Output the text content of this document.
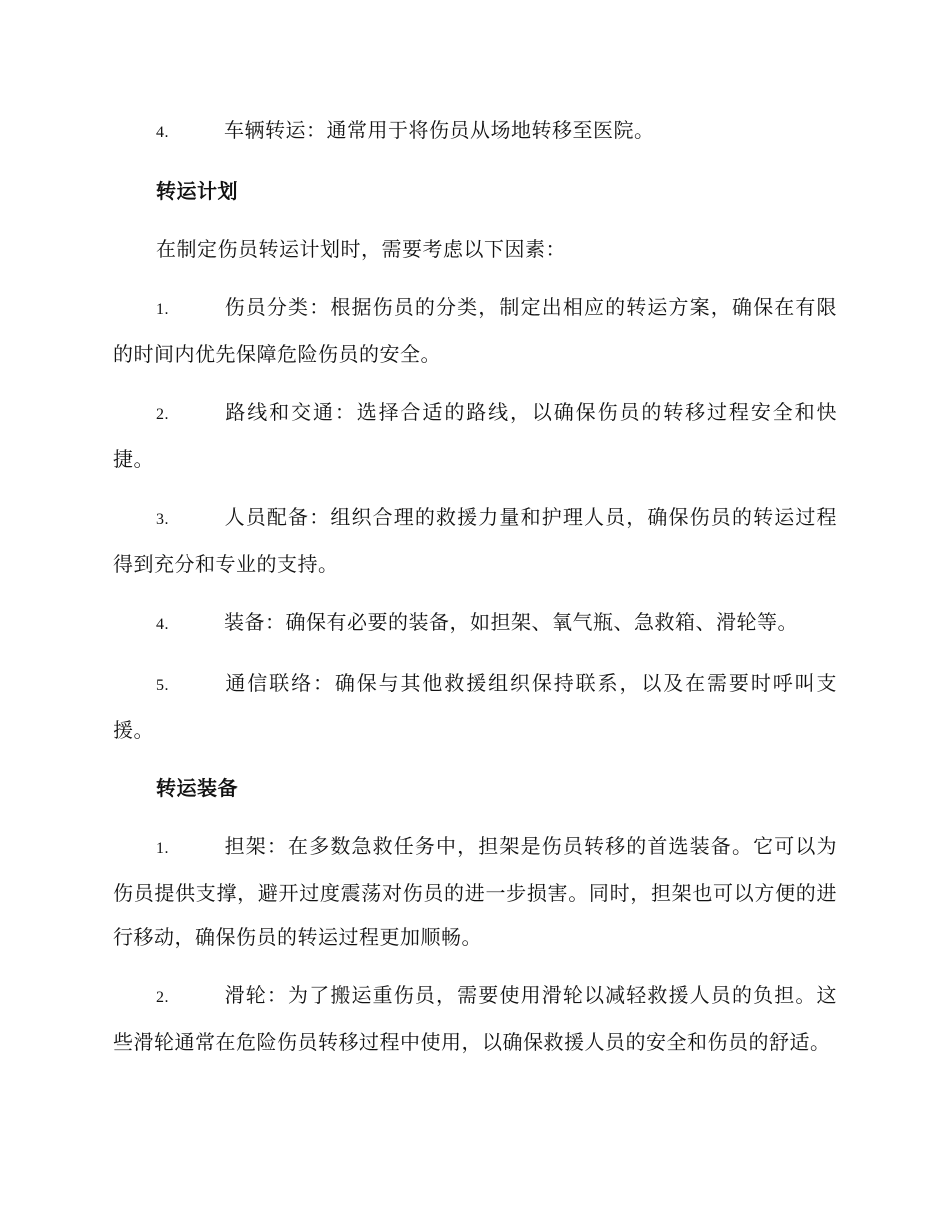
4.	车辆转运：通常用于将伤员从场地转移至医院。

转运计划

在制定伤员转运计划时，需要考虑以下因素：

1.	伤员分类：根据伤员的分类，制定出相应的转运方案，确保在有限的时间内优先保障危险伤员的安全。

2.	路线和交通：选择合适的路线，以确保伤员的转移过程安全和快捷。

3.	人员配备：组织合理的救援力量和护理人员，确保伤员的转运过程得到充分和专业的支持。

4.	装备：确保有必要的装备，如担架、氧气瓶、急救箱、滑轮等。

5.	通信联络：确保与其他救援组织保持联系，以及在需要时呼叫支援。

转运装备

1.	担架：在多数急救任务中，担架是伤员转移的首选装备。它可以为伤员提供支撑，避开过度震荡对伤员的进一步损害。同时，担架也可以方便的进行移动，确保伤员的转运过程更加顺畅。

2.	滑轮：为了搬运重伤员，需要使用滑轮以减轻救援人员的负担。这些滑轮通常在危险伤员转移过程中使用，以确保救援人员的安全和伤员的舒适。
